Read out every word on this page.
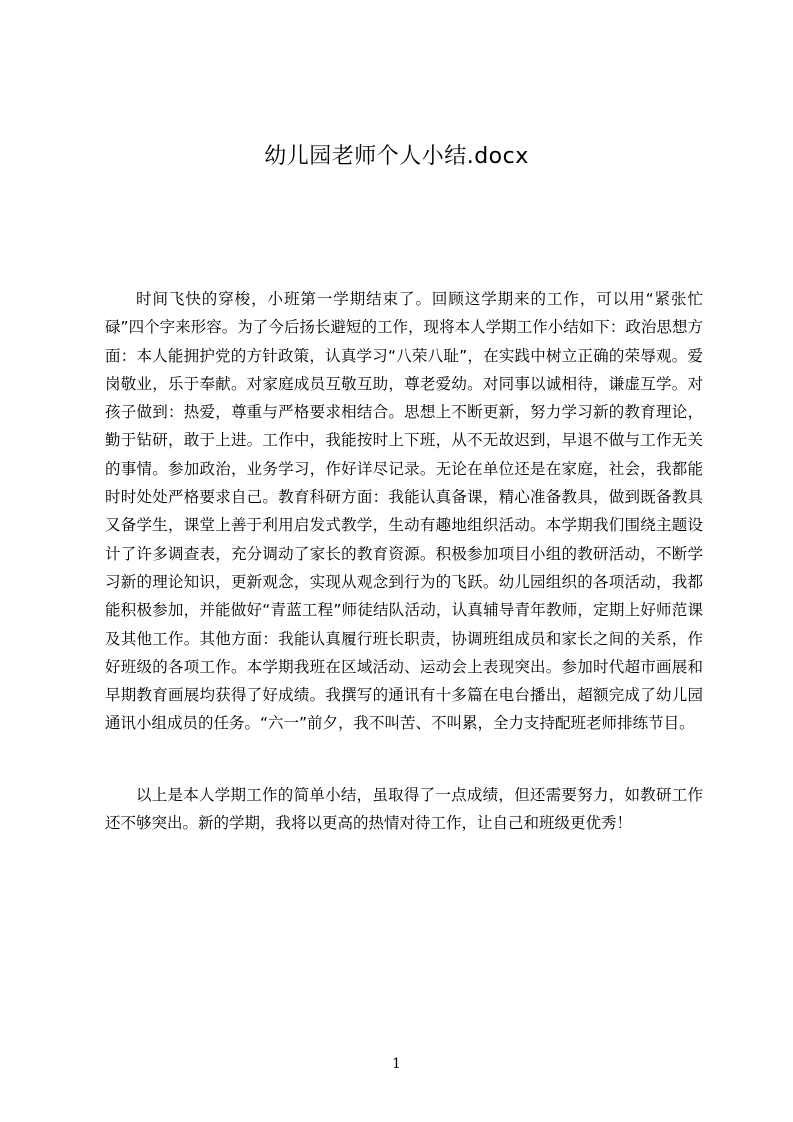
幼儿园老师个人小结.docx

时间飞快的穿梭，小班第一学期结束了。回顾这学期来的工作，可以用“紧张忙碌”四个字来形容。为了今后扬长避短的工作，现将本人学期工作小结如下：政治思想方面：本人能拥护党的方针政策，认真学习“八荣八耻”，在实践中树立正确的荣辱观。爱岗敬业，乐于奉献。对家庭成员互敬互助，尊老爱幼。对同事以诚相待，谦虚互学。对孩子做到：热爱，尊重与严格要求相结合。思想上不断更新，努力学习新的教育理论，勤于钻研，敢于上进。工作中，我能按时上下班，从不无故迟到，早退不做与工作无关的事情。参加政治，业务学习，作好详尽记录。无论在单位还是在家庭，社会，我都能时时处处严格要求自己。教育科研方面：我能认真备课，精心准备教具，做到既备教具又备学生，课堂上善于利用启发式教学，生动有趣地组织活动。本学期我们围绕主题设计了许多调查表，充分调动了家长的教育资源。积极参加项目小组的教研活动，不断学习新的理论知识，更新观念，实现从观念到行为的飞跃。幼儿园组织的各项活动，我都能积极参加，并能做好“青蓝工程”师徒结队活动，认真辅导青年教师，定期上好师范课及其他工作。其他方面：我能认真履行班长职责，协调班组成员和家长之间的关系，作好班级的各项工作。本学期我班在区域活动、运动会上表现突出。参加时代超市画展和早期教育画展均获得了好成绩。我撰写的通讯有十多篇在电台播出，超额完成了幼儿园通讯小组成员的任务。“六一”前夕，我不叫苦、不叫累，全力支持配班老师排练节目。

以上是本人学期工作的简单小结，虽取得了一点成绩，但还需要努力，如教研工作还不够突出。新的学期，我将以更高的热情对待工作，让自己和班级更优秀！

1
